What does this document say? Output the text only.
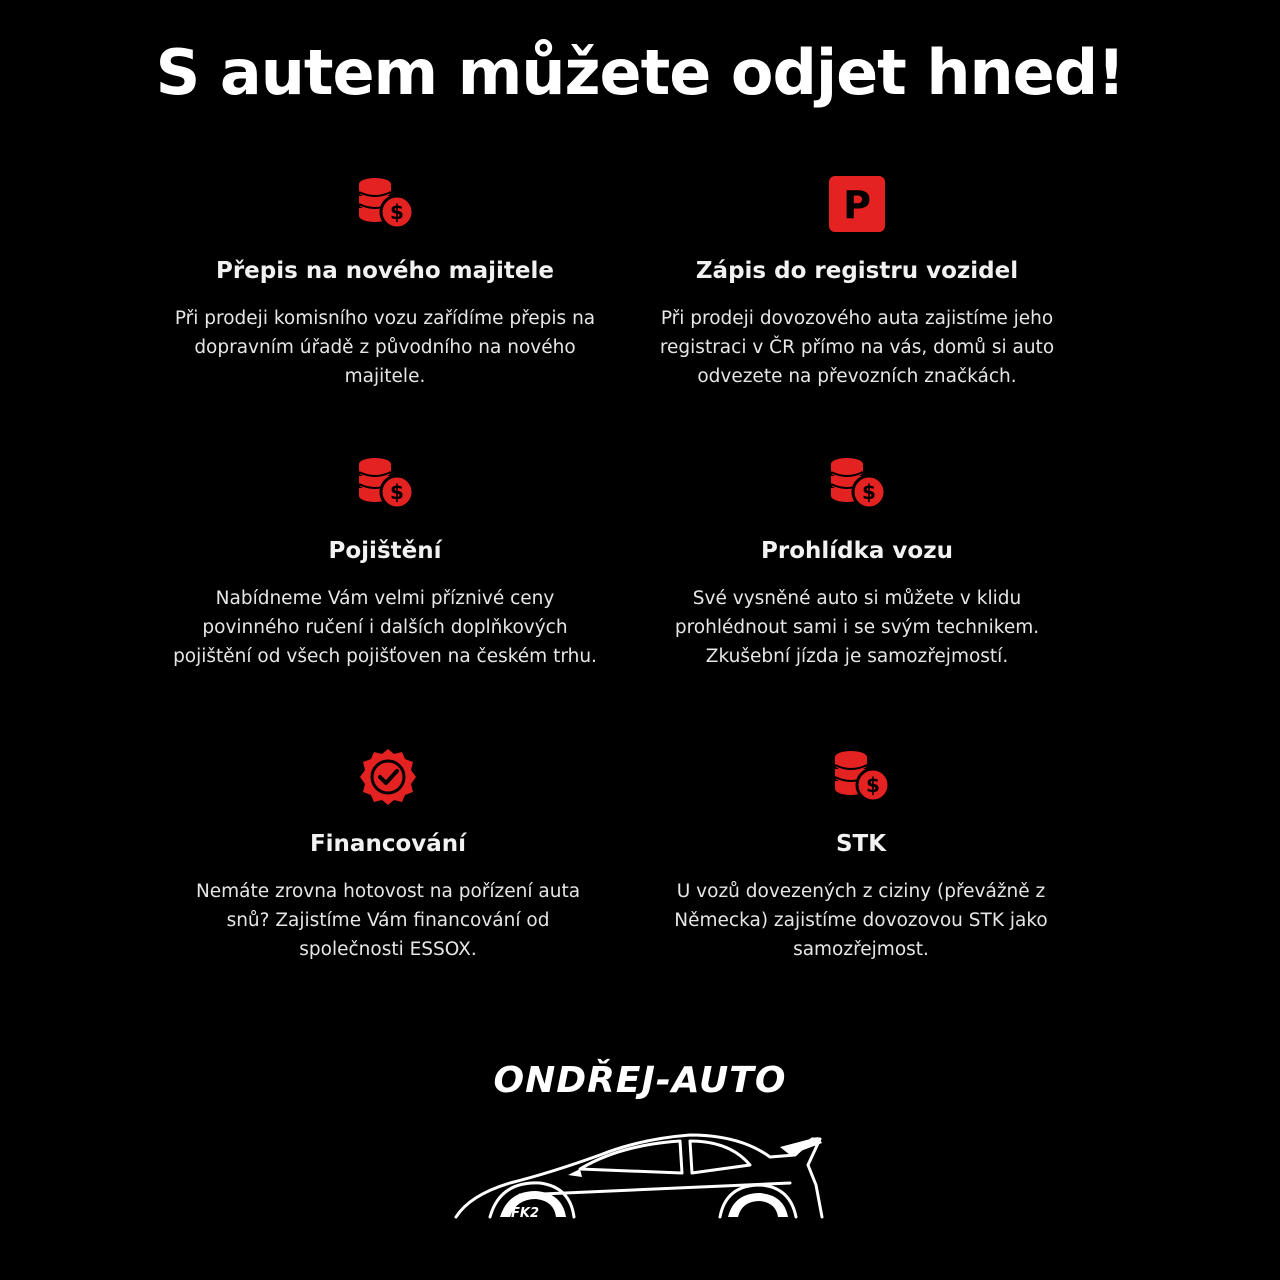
S autem můžete odjet hned!
$
Přepis na nového majitele

Při prodeji komisního vozu zařídíme přepis na dopravním úřadě z původního na nového majitele.

P
Zápis do registru vozidel

Při prodeji dovozového auta zajistíme jeho registraci v ČR přímo na vás, domů si auto odvezete na převozních značkách.

$
Pojištění

Nabídneme Vám velmi příznivé ceny povinného ručení i dalších doplňkových pojištění od všech pojišťoven na českém trhu.

$
Prohlídka vozu

Své vysněné auto si můžete v klidu prohlédnout sami i se svým technikem. Zkušební jízda je samozřejmostí.

Financování

Nemáte zrovna hotovost na pořízení auta snů? Zajistíme Vám financování od společnosti ESSOX.

$
STK

U vozů dovezených z ciziny (převážně z Německa) zajistíme dovozovou STK jako samozřejmost.

ONDŘEJ-AUTO
FK2
